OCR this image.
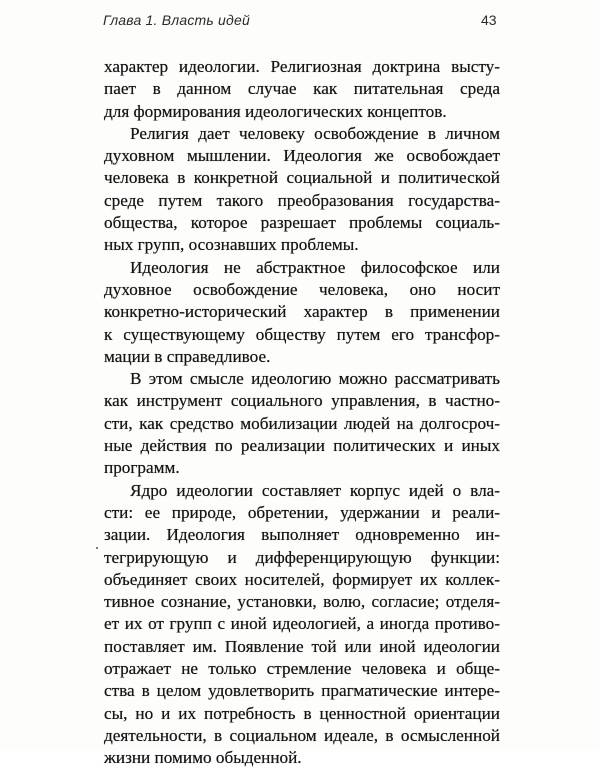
Глава 1. Власть идей	43
характер идеологии. Религиозная доктрина высту-
пает в данном случае как питательная среда
для формирования идеологических концептов.
Религия дает человеку освобождение в личном
духовном мышлении. Идеология же освобождает
человека в конкретной социальной и политической
среде путем такого преобразования государства-
общества, которое разрешает проблемы социаль-
ных групп, осознавших проблемы.
Идеология не абстрактное философское или
духовное освобождение человека, оно носит
конкретно-исторический характер в применении
к существующему обществу путем его трансфор-
мации в справедливое.
В этом смысле идеологию можно рассматривать
как инструмент социального управления, в частно-
сти, как средство мобилизации людей на долгосроч-
ные действия по реализации политических и иных
программ.
Ядро идеологии составляет корпус идей о вла-
сти: ее природе, обретении, удержании и реали-
зации. Идеология выполняет одновременно ин-
тегрирующую и дифференцирующую функции:
объединяет своих носителей, формирует их коллек-
тивное сознание, установки, волю, согласие; отделя-
ет их от групп с иной идеологией, а иногда противо-
поставляет им. Появление той или иной идеологии
отражает не только стремление человека и обще-
ства в целом удовлетворить прагматические интере-
сы, но и их потребность в ценностной ориентации
деятельности, в социальном идеале, в осмысленной
жизни помимо обыденной.
